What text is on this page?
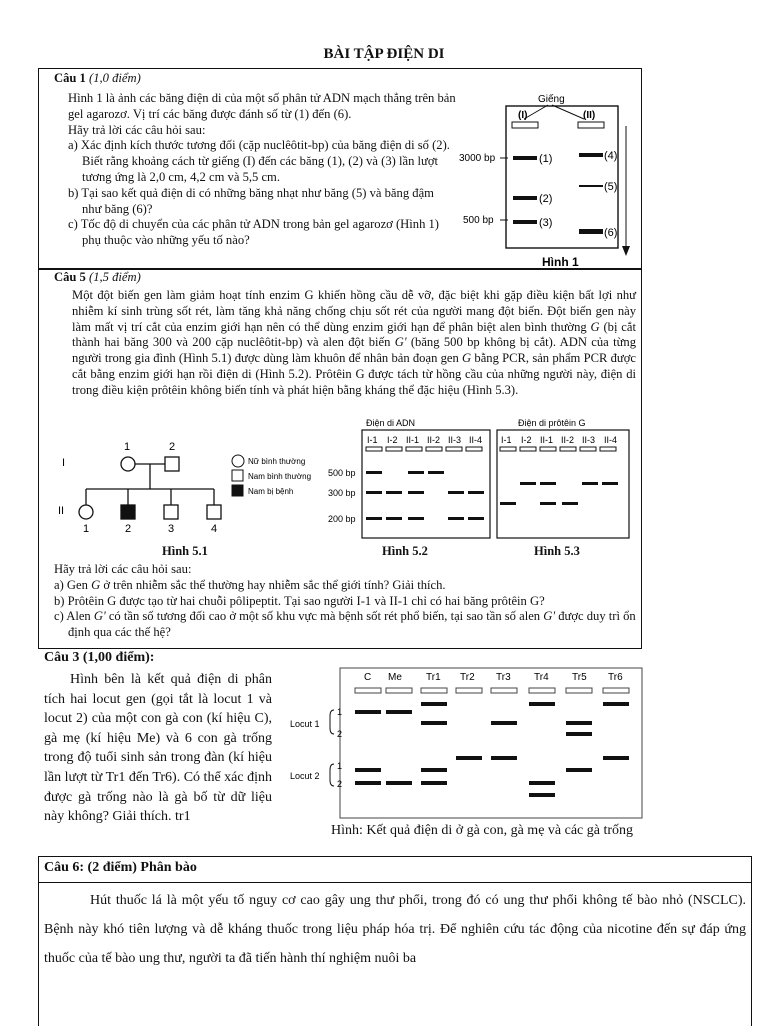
BÀI TẬP ĐIỆN DI
Câu 1 (1,0 điểm)

Hình 1 là ảnh các băng điện di của một số phân tử ADN mạch thẳng trên bản gel agarozơ. Vị trí các băng được đánh số từ (1) đến (6).

Hãy trả lời các câu hỏi sau:

a) Xác định kích thước tương đối (cặp nuclêôtit-bp) của băng điện di số (2). Biết rằng khoảng cách từ giếng (I) đến các băng (1), (2) và (3) lần lượt tương ứng là 2,0 cm, 4,2 cm và 5,5 cm.

b) Tại sao kết quả điện di có những băng nhạt như băng (5) và băng đậm như băng (6)?

c) Tốc độ di chuyển của các phân tử ADN trong bản gel agarozơ (Hình 1) phụ thuộc vào những yếu tố nào?

Giếng
(I)	(II)
3000 bp
500 bp
(1)
(2)
(3)
(4)
(5)
(6)
Hình 1
Câu 5 (1,5 điểm)
Một đột biến gen làm giảm hoạt tính enzim G khiến hồng cầu dễ vỡ, đặc biệt khi gặp điều kiện bất lợi như nhiễm kí sinh trùng sốt rét, làm tăng khả năng chống chịu sốt rét của người mang đột biến. Đột biến gen này làm mất vị trí cắt của enzim giới hạn nên có thể dùng enzim giới hạn để phân biệt alen bình thường G (bị cắt thành hai băng 300 và 200 cặp nuclêôtit-bp) và alen đột biến G' (băng 500 bp không bị cắt). ADN của từng người trong gia đình (Hình 5.1) được dùng làm khuôn để nhân bản đoạn gen G bằng PCR, sản phẩm PCR được cắt bằng enzim giới hạn rồi điện di (Hình 5.2). Prôtêin G được tách từ hồng cầu của những người này, điện di trong điều kiện prôtêin không biến tính và phát hiện bằng kháng thể đặc hiệu (Hình 5.3).
I
II
1	2
1	2	3	4
Nữ bình thường
Nam bình thường
Nam bị bệnh
Hình 5.1
Điện di ADN
I-1 I-2 II-1 II-2 II-3 II-4
500 bp
300 bp
200 bp
Hình 5.2
Điện di prôtêin G
I-1 I-2 II-1 II-2 II-3 II-4
Hình 5.3

Hãy trả lời các câu hỏi sau:

a) Gen G ở trên nhiễm sắc thể thường hay nhiễm sắc thể giới tính? Giải thích.

b) Prôtêin G được tạo từ hai chuỗi pôlipeptit. Tại sao người I-1 và II-1 chỉ có hai băng prôtêin G?

c) Alen G' có tần số tương đối cao ở một số khu vực mà bệnh sốt rét phổ biến, tại sao tần số alen G' được duy trì ổn định qua các thế hệ?

Câu 3 (1,00 điểm):
Hình bên là kết quả điện di phân tích hai locut gen (gọi tắt là locut 1 và locut 2) của một con gà con (kí hiệu C), gà mẹ (kí hiệu Me) và 6 con gà trống trong độ tuổi sinh sản trong đàn (kí hiệu lần lượt từ Tr1 đến Tr6). Có thể xác định được gà trống nào là gà bố từ dữ liệu này không? Giải thích. tr1
C Me Tr1 Tr2 Tr3 Tr4 Tr5 Tr6
Locut 1
1
2
Locut 2
1
2
Hình: Kết quả điện di ở gà con, gà mẹ và các gà trống
Câu 6: (2 điểm) Phân bào
Hút thuốc lá là một yếu tố nguy cơ cao gây ung thư phổi, trong đó có ung thư phổi không tế bào nhỏ (NSCLC). Bệnh này khó tiên lượng và dễ kháng thuốc trong liệu pháp hóa trị. Để nghiên cứu tác động của nicotine đến sự đáp ứng thuốc của tế bào ung thư, người ta đã tiến hành thí nghiệm nuôi ba
